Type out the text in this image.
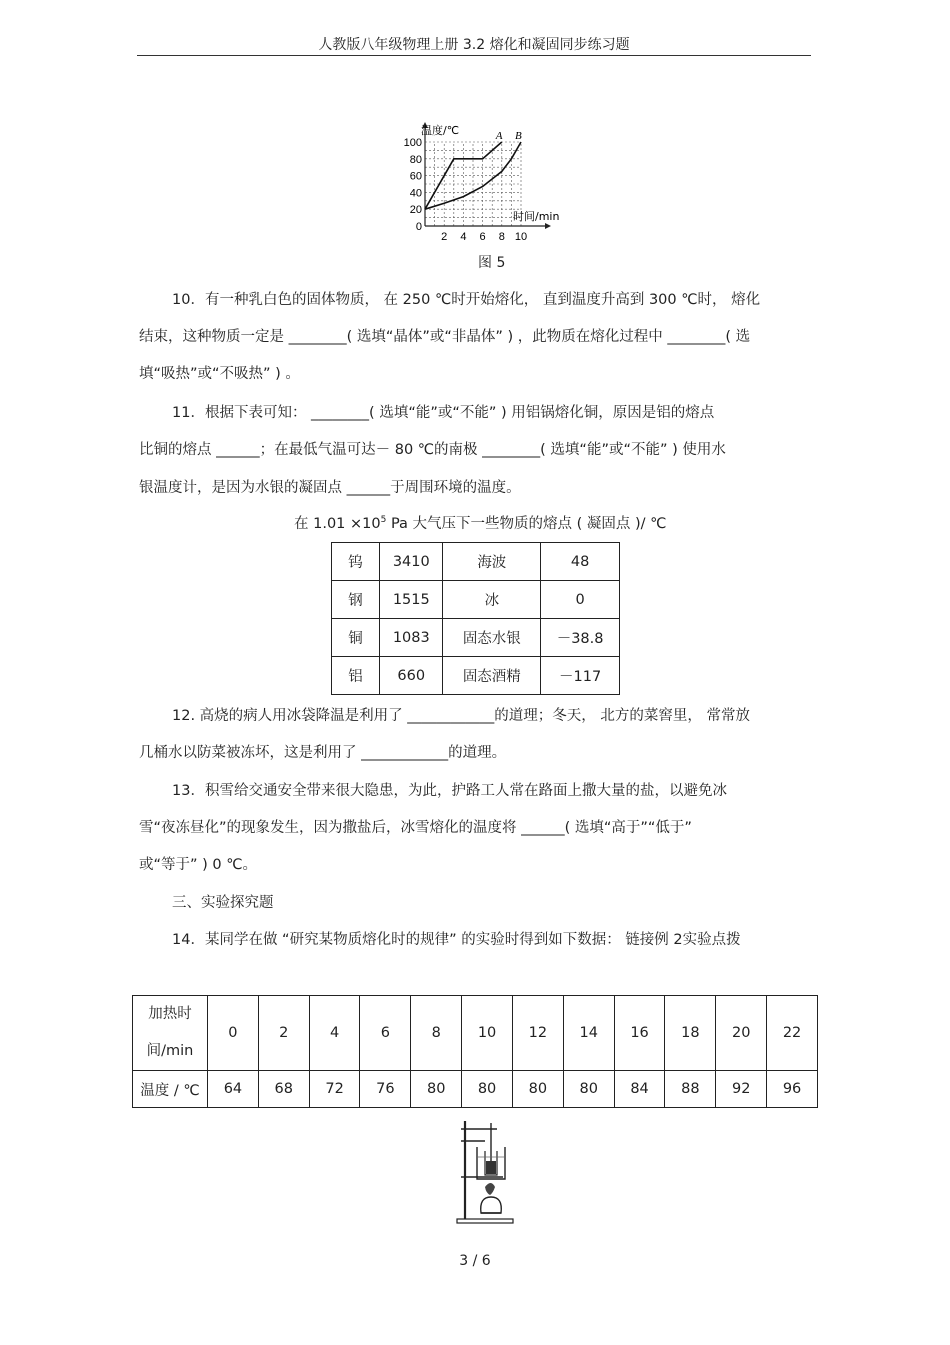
人教版八年级物理上册 3.2 熔化和凝固同步练习题
0
20
40
60
80
100
2 4 6 8 10
温度/℃
时间/min
A B
图 5
10．有一种乳白色的固体物质， 在 250 ℃时开始熔化， 直到温度升高到 300 ℃时， 熔化
结束，这种物质一定是 ________( 选填“晶体”或“非晶体” ) ，此物质在熔化过程中 ________( 选
填“吸热”或“不吸热” ) 。
11．根据下表可知： ________( 选填“能”或“不能” ) 用铝锅熔化铜，原因是铝的熔点
比铜的熔点 ______；在最低气温可达－ 80 ℃的南极 ________( 选填“能”或“不能” ) 使用水
银温度计，是因为水银的凝固点 ______于周围环境的温度。
在 $1.01 \times 10^5$ Pa 大气压下一些物质的熔点 ( 凝固点 )/ ℃
钨	3410	海波	48
钢	1515	冰	0
铜	1083	固态水银	－38.8
铝	660	固态酒精	－117
12. 高烧的病人用冰袋降温是利用了 ____________的道理；冬天， 北方的菜窖里， 常常放
几桶水以防菜被冻坏，这是利用了 ____________的道理。
13．积雪给交通安全带来很大隐患，为此，护路工人常在路面上撒大量的盐，以避免冰
雪“夜冻昼化”的现象发生，因为撒盐后，冰雪熔化的温度将 ______( 选填“高于”“低于”
或“等于” ) 0 ℃。
三、实验探究题
14．某同学在做 “研究某物质熔化时的规律” 的实验时得到如下数据： 链接例 2实验点拨
加热时
间/min	0	2	4	6	8	10	12	14	16	18	20	22
温度 / ℃	64	68	72	76	80	80	80	80	84	88	92	96
3 / 6
